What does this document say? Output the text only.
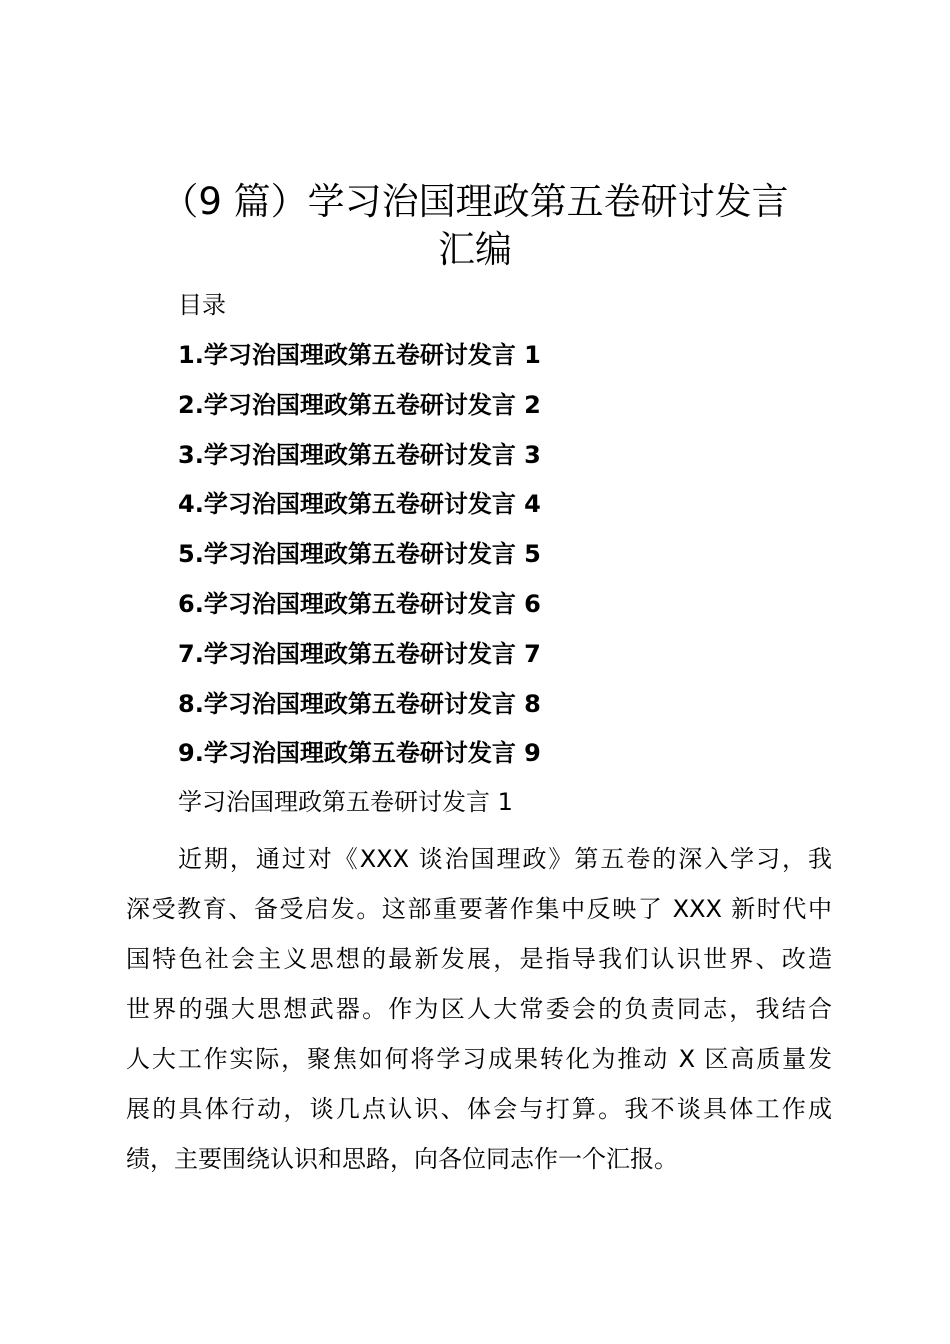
（9 篇）学习治国理政第五卷研讨发言
汇编

目录

1.学习治国理政第五卷研讨发言 1
2.学习治国理政第五卷研讨发言 2
3.学习治国理政第五卷研讨发言 3
4.学习治国理政第五卷研讨发言 4
5.学习治国理政第五卷研讨发言 5
6.学习治国理政第五卷研讨发言 6
7.学习治国理政第五卷研讨发言 7
8.学习治国理政第五卷研讨发言 8
9.学习治国理政第五卷研讨发言 9

学习治国理政第五卷研讨发言 1

近期，通过对《XXX 谈治国理政》第五卷的深入学习，我
深受教育、备受启发。这部重要著作集中反映了 XXX 新时代中
国特色社会主义思想的最新发展，是指导我们认识世界、改造
世界的强大思想武器。作为区人大常委会的负责同志，我结合
人大工作实际，聚焦如何将学习成果转化为推动 X 区高质量发
展的具体行动，谈几点认识、体会与打算。我不谈具体工作成
绩，主要围绕认识和思路，向各位同志作一个汇报。
